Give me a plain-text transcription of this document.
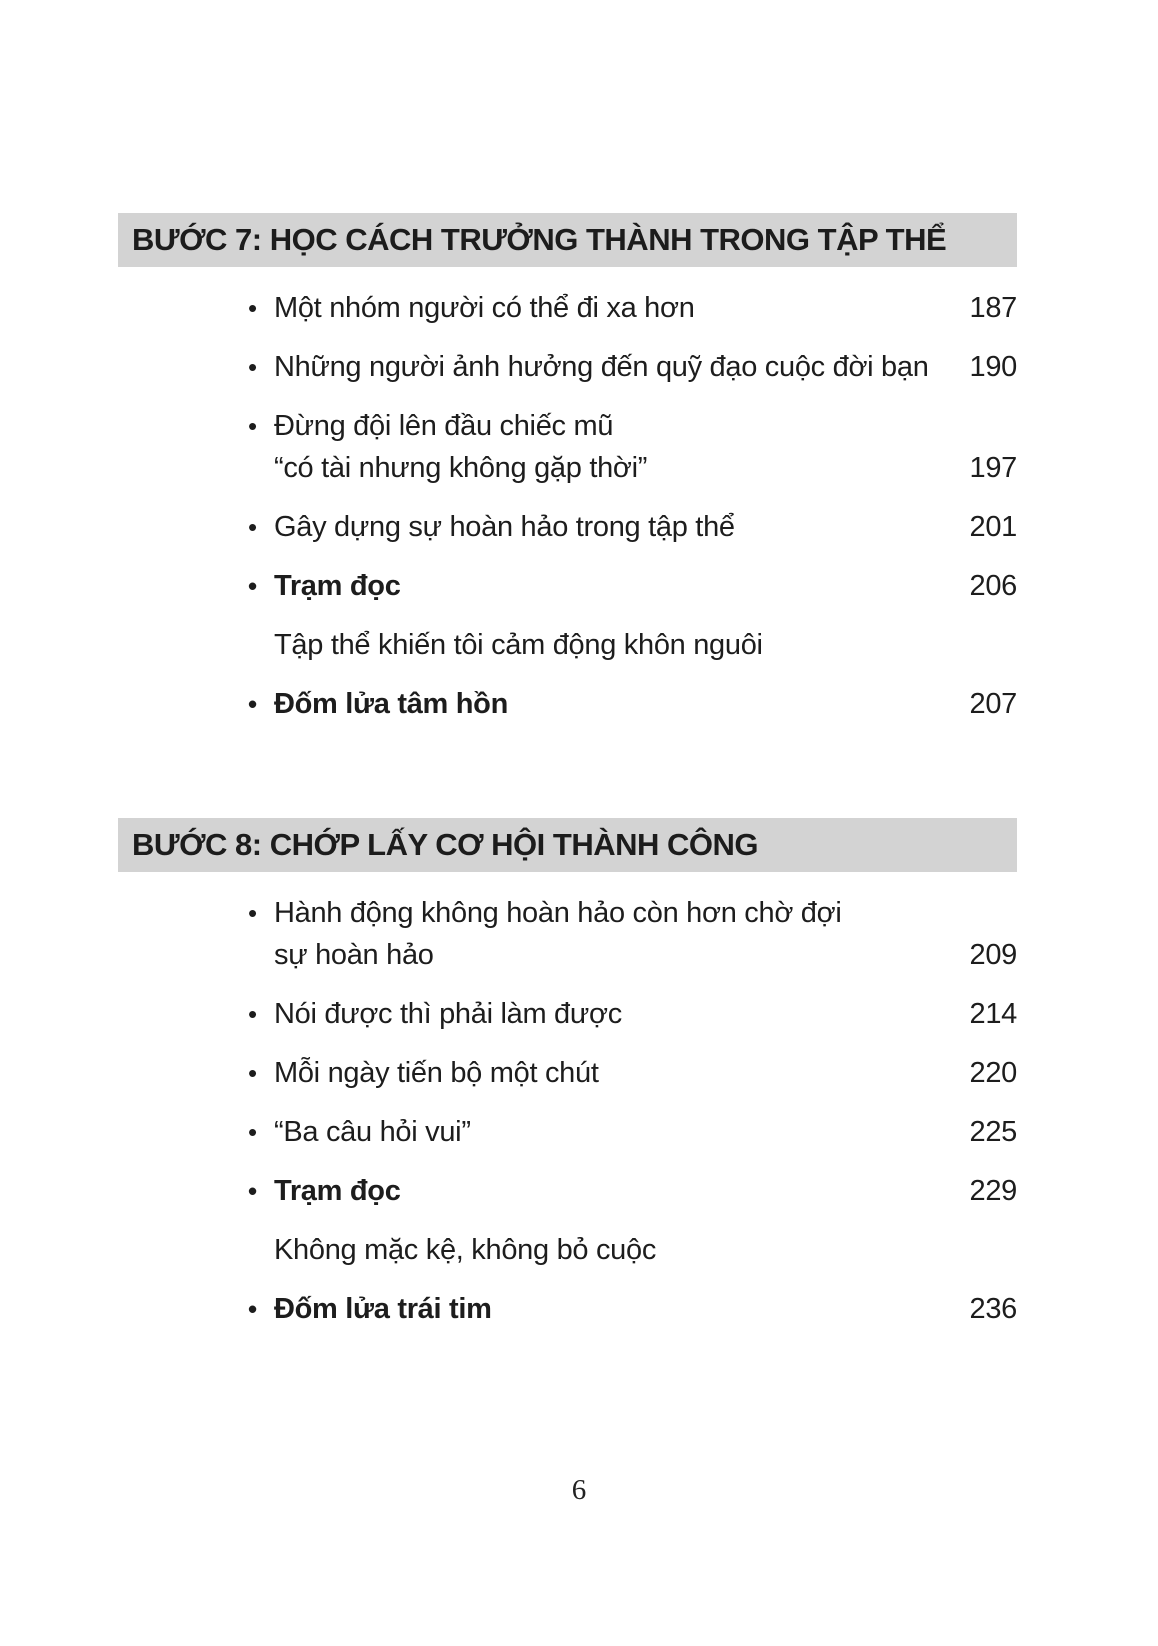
BƯỚC 7: HỌC CÁCH TRƯỞNG THÀNH TRONG TẬP THỂ
• Một nhóm người có thể đi xa hơn	187
• Những người ảnh hưởng đến quỹ đạo cuộc đời bạn	190
• Đừng đội lên đầu chiếc mũ
“có tài nhưng không gặp thời”	197
• Gây dựng sự hoàn hảo trong tập thể	201
• Trạm đọc	206
Tập thể khiến tôi cảm động khôn nguôi
• Đốm lửa tâm hồn	207
BƯỚC 8: CHỚP LẤY CƠ HỘI THÀNH CÔNG
• Hành động không hoàn hảo còn hơn chờ đợi
sự hoàn hảo	209
• Nói được thì phải làm được	214
• Mỗi ngày tiến bộ một chút	220
• “Ba câu hỏi vui”	225
• Trạm đọc	229
Không mặc kệ, không bỏ cuộc
• Đốm lửa trái tim	236
6
